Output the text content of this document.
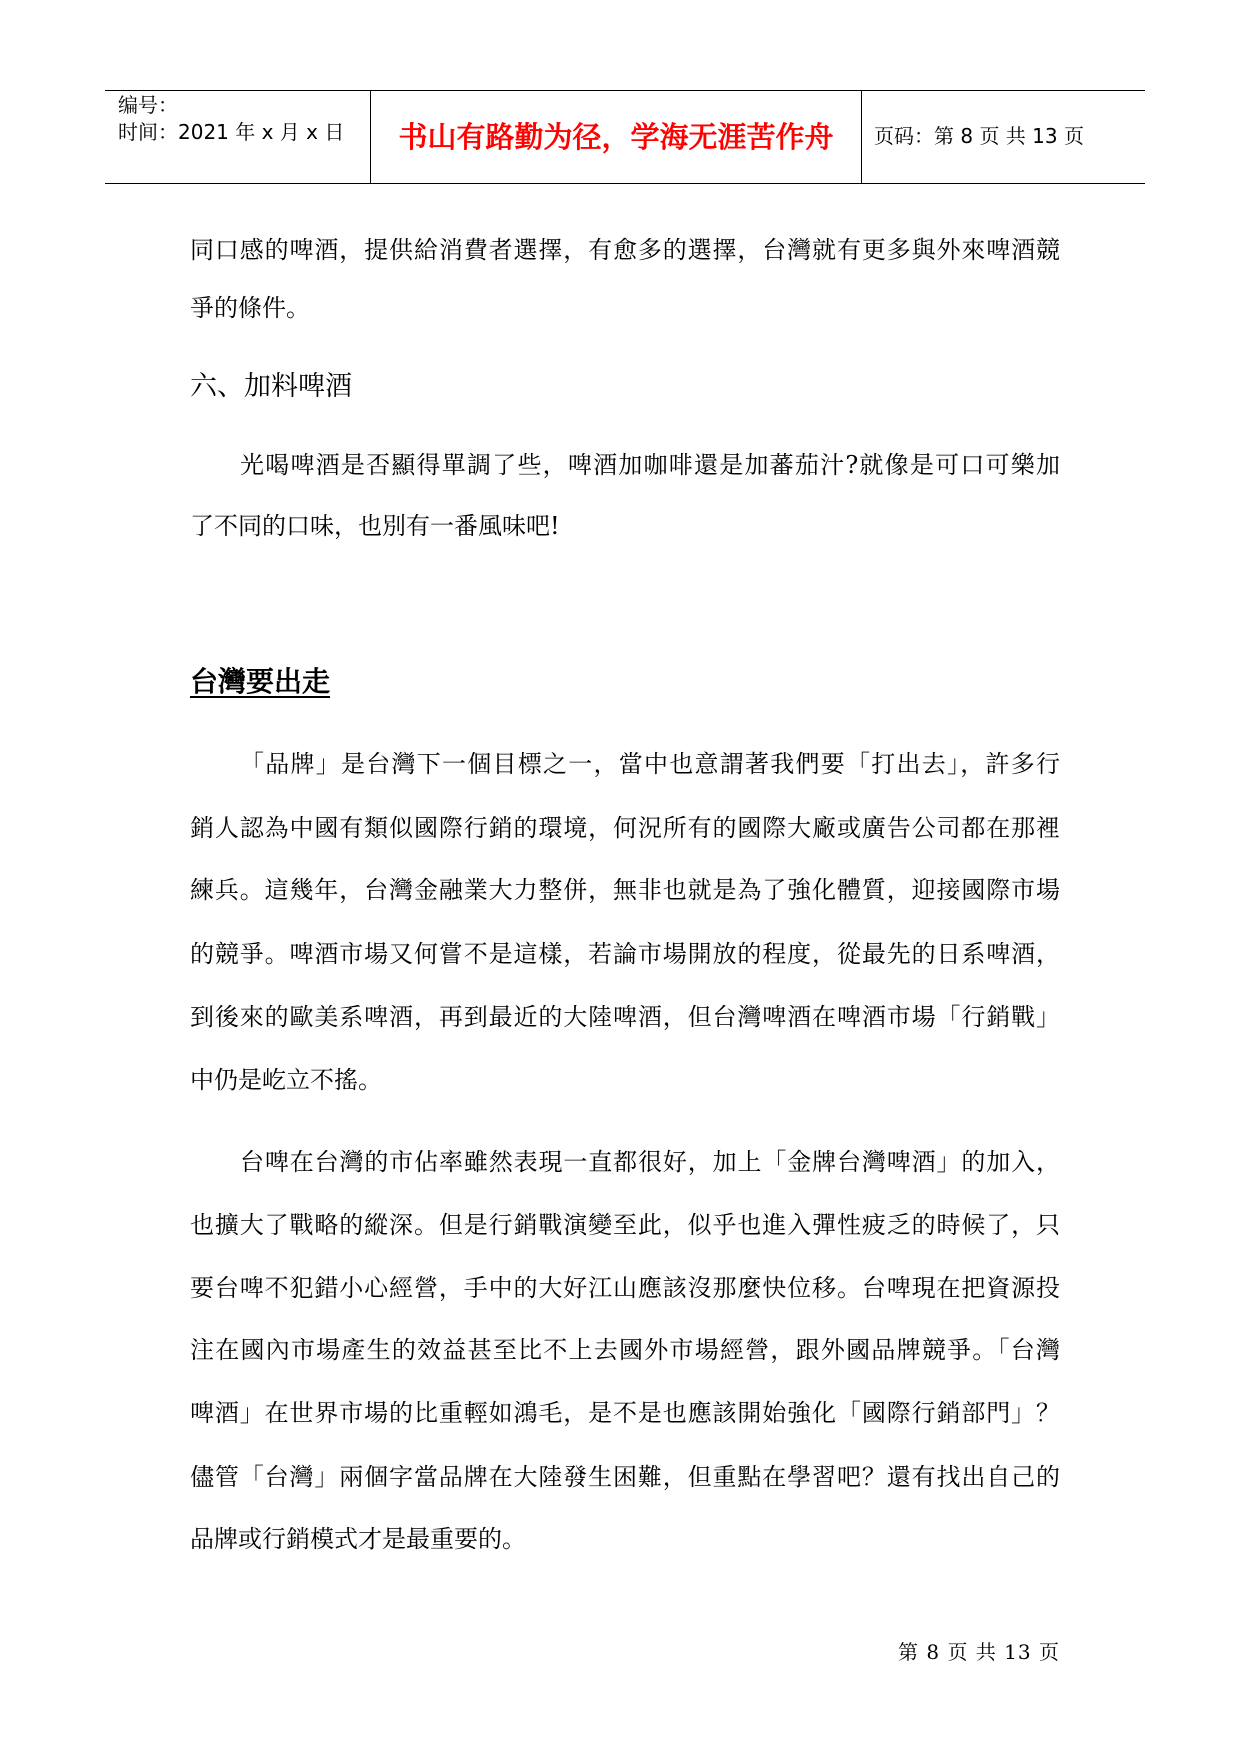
编号：
时间：2021 年 x 月 x 日	书山有路勤为径，学海无涯苦作舟	页码：第 8 页 共 13 页
同口感的啤酒，提供給消費者選擇，有愈多的選擇，台灣就有更多與外來啤酒競
爭的條件。
六、加料啤酒
光喝啤酒是否顯得單調了些，啤酒加咖啡還是加蕃茄汁?就像是可口可樂加
了不同的口味，也別有一番風味吧!
台灣要出走
「品牌」是台灣下一個目標之一，當中也意謂著我們要「打出去」，許多行
銷人認為中國有類似國際行銷的環境，何況所有的國際大廠或廣告公司都在那裡
練兵。這幾年，台灣金融業大力整併，無非也就是為了強化體質，迎接國際市場
的競爭。啤酒市場又何嘗不是這樣，若論市場開放的程度，從最先的日系啤酒，
到後來的歐美系啤酒，再到最近的大陸啤酒，但台灣啤酒在啤酒市場「行銷戰」
中仍是屹立不搖。
台啤在台灣的市佔率雖然表現一直都很好，加上「金牌台灣啤酒」的加入，
也擴大了戰略的縱深。但是行銷戰演變至此，似乎也進入彈性疲乏的時候了，只
要台啤不犯錯小心經營，手中的大好江山應該沒那麼快位移。台啤現在把資源投
注在國內市場產生的效益甚至比不上去國外市場經營，跟外國品牌競爭。「台灣
啤酒」在世界市場的比重輕如鴻毛，是不是也應該開始強化「國際行銷部門」？
儘管「台灣」兩個字當品牌在大陸發生困難，但重點在學習吧？還有找出自己的
品牌或行銷模式才是最重要的。
第 8 页 共 13 页
